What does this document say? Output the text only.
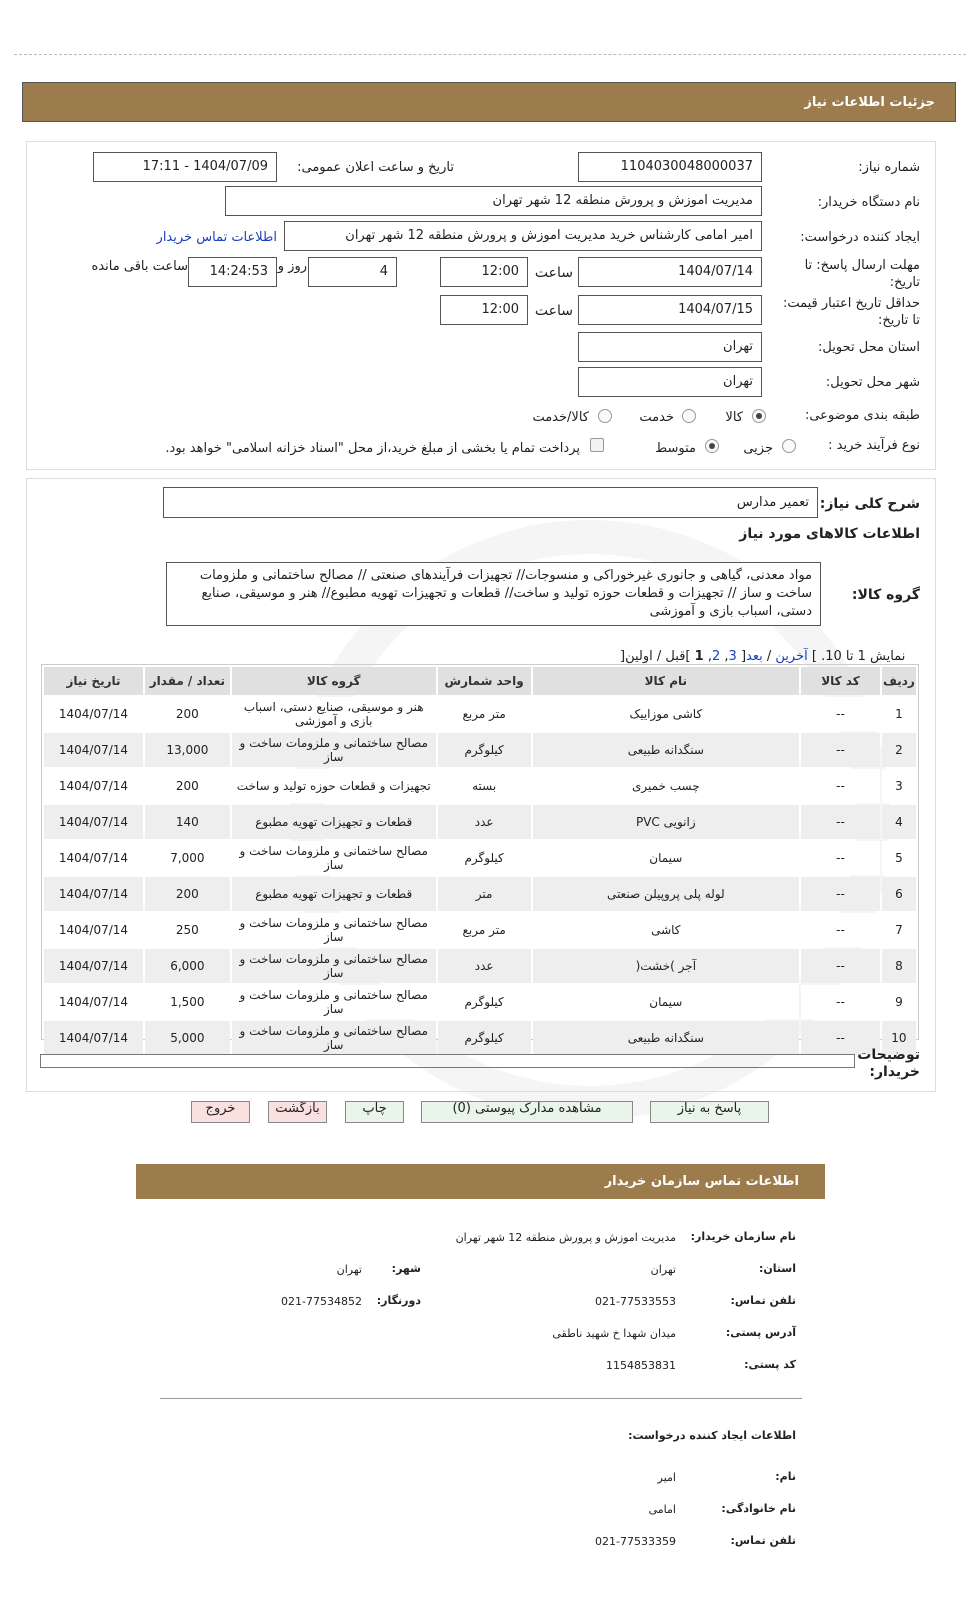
جزئیات اطلاعات نیاز
شماره نیاز:
1104030048000037
تاریخ و ساعت اعلان عمومی:
1404/07/09 - 17:11
نام دستگاه خریدار:
مدیریت اموزش و پرورش منطقه 12 شهر تهران
ایجاد کننده درخواست:
امیر امامی کارشناس خرید مدیریت اموزش و پرورش منطقه 12 شهر تهران
اطلاعات تماس خریدار
مهلت ارسال پاسخ: تا
تاریخ:
1404/07/14
ساعت
12:00
4
روز و
14:24:53
ساعت باقی مانده
حداقل تاریخ اعتبار قیمت:
تا تاریخ:
1404/07/15
ساعت
12:00
استان محل تحویل:
تهران
شهر محل تحویل:
تهران
طبقه بندی موضوعی:
کالا
خدمت
کالا/خدمت
نوع فرآیند خرید :
جزیی
متوسط
پرداخت تمام یا بخشی از مبلغ خرید،از محل "اسناد خزانه اسلامی" خواهد بود.
شرح کلی نیاز:
تعمیر مدارس
اطلاعات کالاهای مورد نیاز
گروه کالا:
مواد معدنی، گیاهی و جانوری غیرخوراکی و منسوجات// تجهیزات فرآیندهای صنعتی // مصالح ساختمانی و ملزومات ساخت و ساز // تجهیزات و قطعات حوزه تولید و ساخت// قطعات و تجهیزات تهویه مطبوع// هنر و موسیقی، صنایع دستی، اسباب بازی و آموزشی
نمایش 1 تا 10. ] آخرین / بعد[ 3, 2, 1 ]قبل / اولین[
ردیف	کد کالا	نام کالا	واحد شمارش	گروه کالا	تعداد / مقدار	تاریخ نیاز
1	--	کاشی موزاییک	متر مربع	هنر و موسیقی، صنایع دستی، اسباب بازی و آموزشی	200	1404/07/14
2	--	سنگدانه طبیعی	کیلوگرم	مصالح ساختمانی و ملزومات ساخت و ساز	13,000	1404/07/14
3	--	چسب خمیری	بسته	تجهیزات و قطعات حوزه تولید و ساخت	200	1404/07/14
4	--	زانویی PVC	عدد	قطعات و تجهیزات تهویه مطبوع	140	1404/07/14
5	--	سیمان	کیلوگرم	مصالح ساختمانی و ملزومات ساخت و ساز	7,000	1404/07/14
6	--	لوله پلی پروپیلن صنعتی	متر	قطعات و تجهیزات تهویه مطبوع	200	1404/07/14
7	--	کاشی	متر مربع	مصالح ساختمانی و ملزومات ساخت و ساز	250	1404/07/14
8	--	آجر )خشت(	عدد	مصالح ساختمانی و ملزومات ساخت و ساز	6,000	1404/07/14
9	--	سیمان	کیلوگرم	مصالح ساختمانی و ملزومات ساخت و ساز	1,500	1404/07/14
10	--	سنگدانه طبیعی	کیلوگرم	مصالح ساختمانی و ملزومات ساخت و ساز	5,000	1404/07/14
توضیحات
خریدار:
پاسخ به نیاز
مشاهده مدارک پیوستی (0)
چاپ
بازگشت
خروج
اطلاعات تماس سازمان خریدار
نام سازمان خریدار:
مدیریت اموزش و پرورش منطقه 12 شهر تهران
استان:
تهران
شهر:
تهران
تلفن تماس:
021-77533553
دورنگار:
021-77534852
آدرس پستی:
میدان شهدا خ شهید ناطقی
کد پستی:
1154853831
اطلاعات ایجاد کننده درخواست:
نام:
امیر
نام خانوادگی:
امامی
تلفن تماس:
021-77533359
